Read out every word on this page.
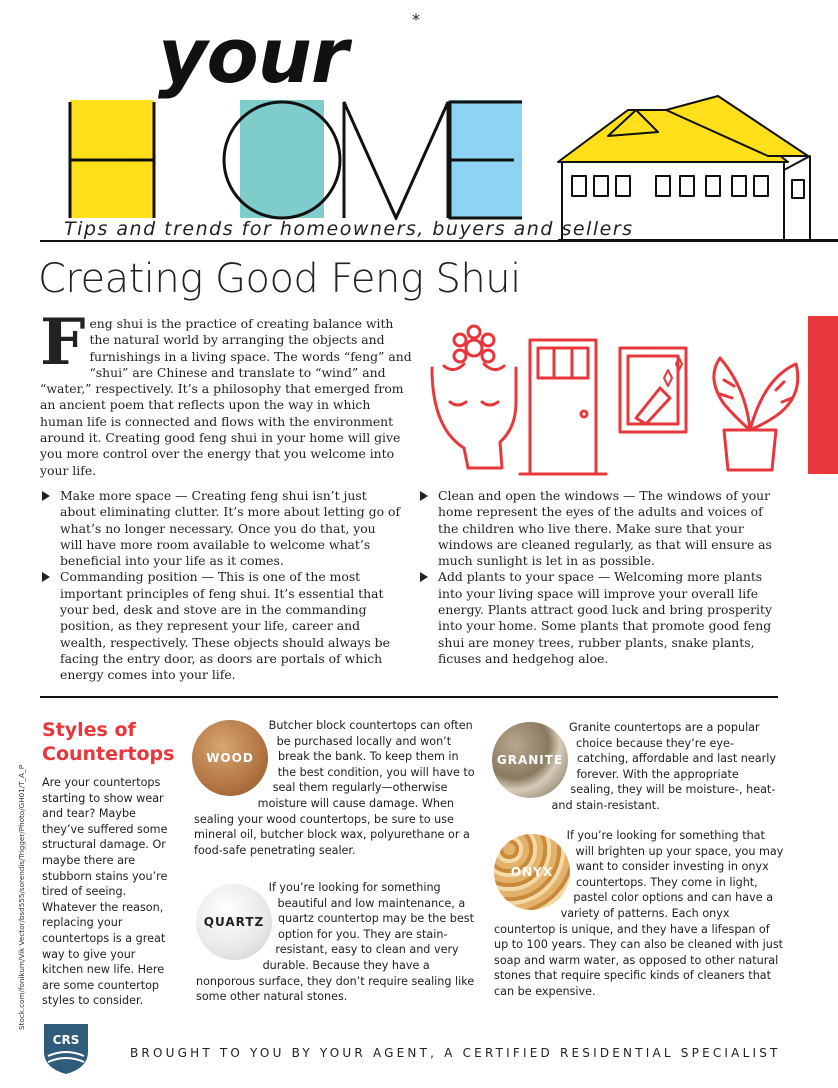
*
your
Tips and trends for homeowners, buyers and sellers
Creating Good Feng Shui
F eng shui is the practice of creating balance with the natural world by arranging the objects and furnishings in a living space. The words “feng” and “shui” are Chinese and translate to “wind” and “water,” respectively. It’s a philosophy that emerged from an ancient poem that reflects upon the way in which human life is connected and flows with the environment around it. Creating good feng shui in your home will give you more control over the energy that you welcome into your life.
Make more space — Creating feng shui isn’t just about eliminating clutter. It’s more about letting go of what’s no longer necessary. Once you do that, you will have more room available to welcome what’s beneficial into your life as it comes.
Commanding position — This is one of the most important principles of feng shui. It’s essential that your bed, desk and stove are in the commanding position, as they represent your life, career and wealth, respectively. These objects should always be facing the entry door, as doors are portals of which energy comes into your life.
Clean and open the windows — The windows of your home represent the eyes of the adults and voices of the children who live there. Make sure that your windows are cleaned regularly, as that will ensure as much sunlight is let in as possible.
Add plants to your space — Welcoming more plants into your living space will improve your overall life energy. Plants attract good luck and bring prosperity into your home. Some plants that promote good feng shui are money trees, rubber plants, snake plants, ficuses and hedgehog aloe.
Stock.com/fonikum/Vik Vector/bsd555/sorendis/Trigger/Photo/GH01/T_A_P
Styles of
Countertops
Are your countertops starting to show wear and tear? Maybe they’ve suffered some structural damage. Or maybe there are stubborn stains you’re tired of seeing. Whatever the reason, replacing your countertops is a great way to give your kitchen new life. Here are some countertop styles to consider.
Butcher block countertops can often be purchased locally and won’t break the bank. To keep them in the best condition, you will have to seal them regularly—otherwise moisture will cause damage. When sealing your wood countertops, be sure to use mineral oil, butcher block wax, polyurethane or a food-safe penetrating sealer.
WOOD
If you’re looking for something beautiful and low maintenance, a quartz countertop may be the best option for you. They are stain-resistant, easy to clean and very durable. Because they have a nonporous surface, they don’t require sealing like some other natural stones.
QUARTZ
Granite countertops are a popular choice because they’re eye-catching, affordable and last nearly forever. With the appropriate sealing, they will be moisture-, heat- and stain-resistant.
GRANITE
If you’re looking for something that will brighten up your space, you may want to consider investing in onyx countertops. They come in light, pastel color options and can have a variety of patterns. Each onyx countertop is unique, and they have a lifespan of up to 100 years. They can also be cleaned with just soap and warm water, as opposed to other natural stones that require specific kinds of cleaners that can be expensive.
ONYX
CRS
BROUGHT TO YOU BY YOUR AGENT, A CERTIFIED RESIDENTIAL SPECIALIST
